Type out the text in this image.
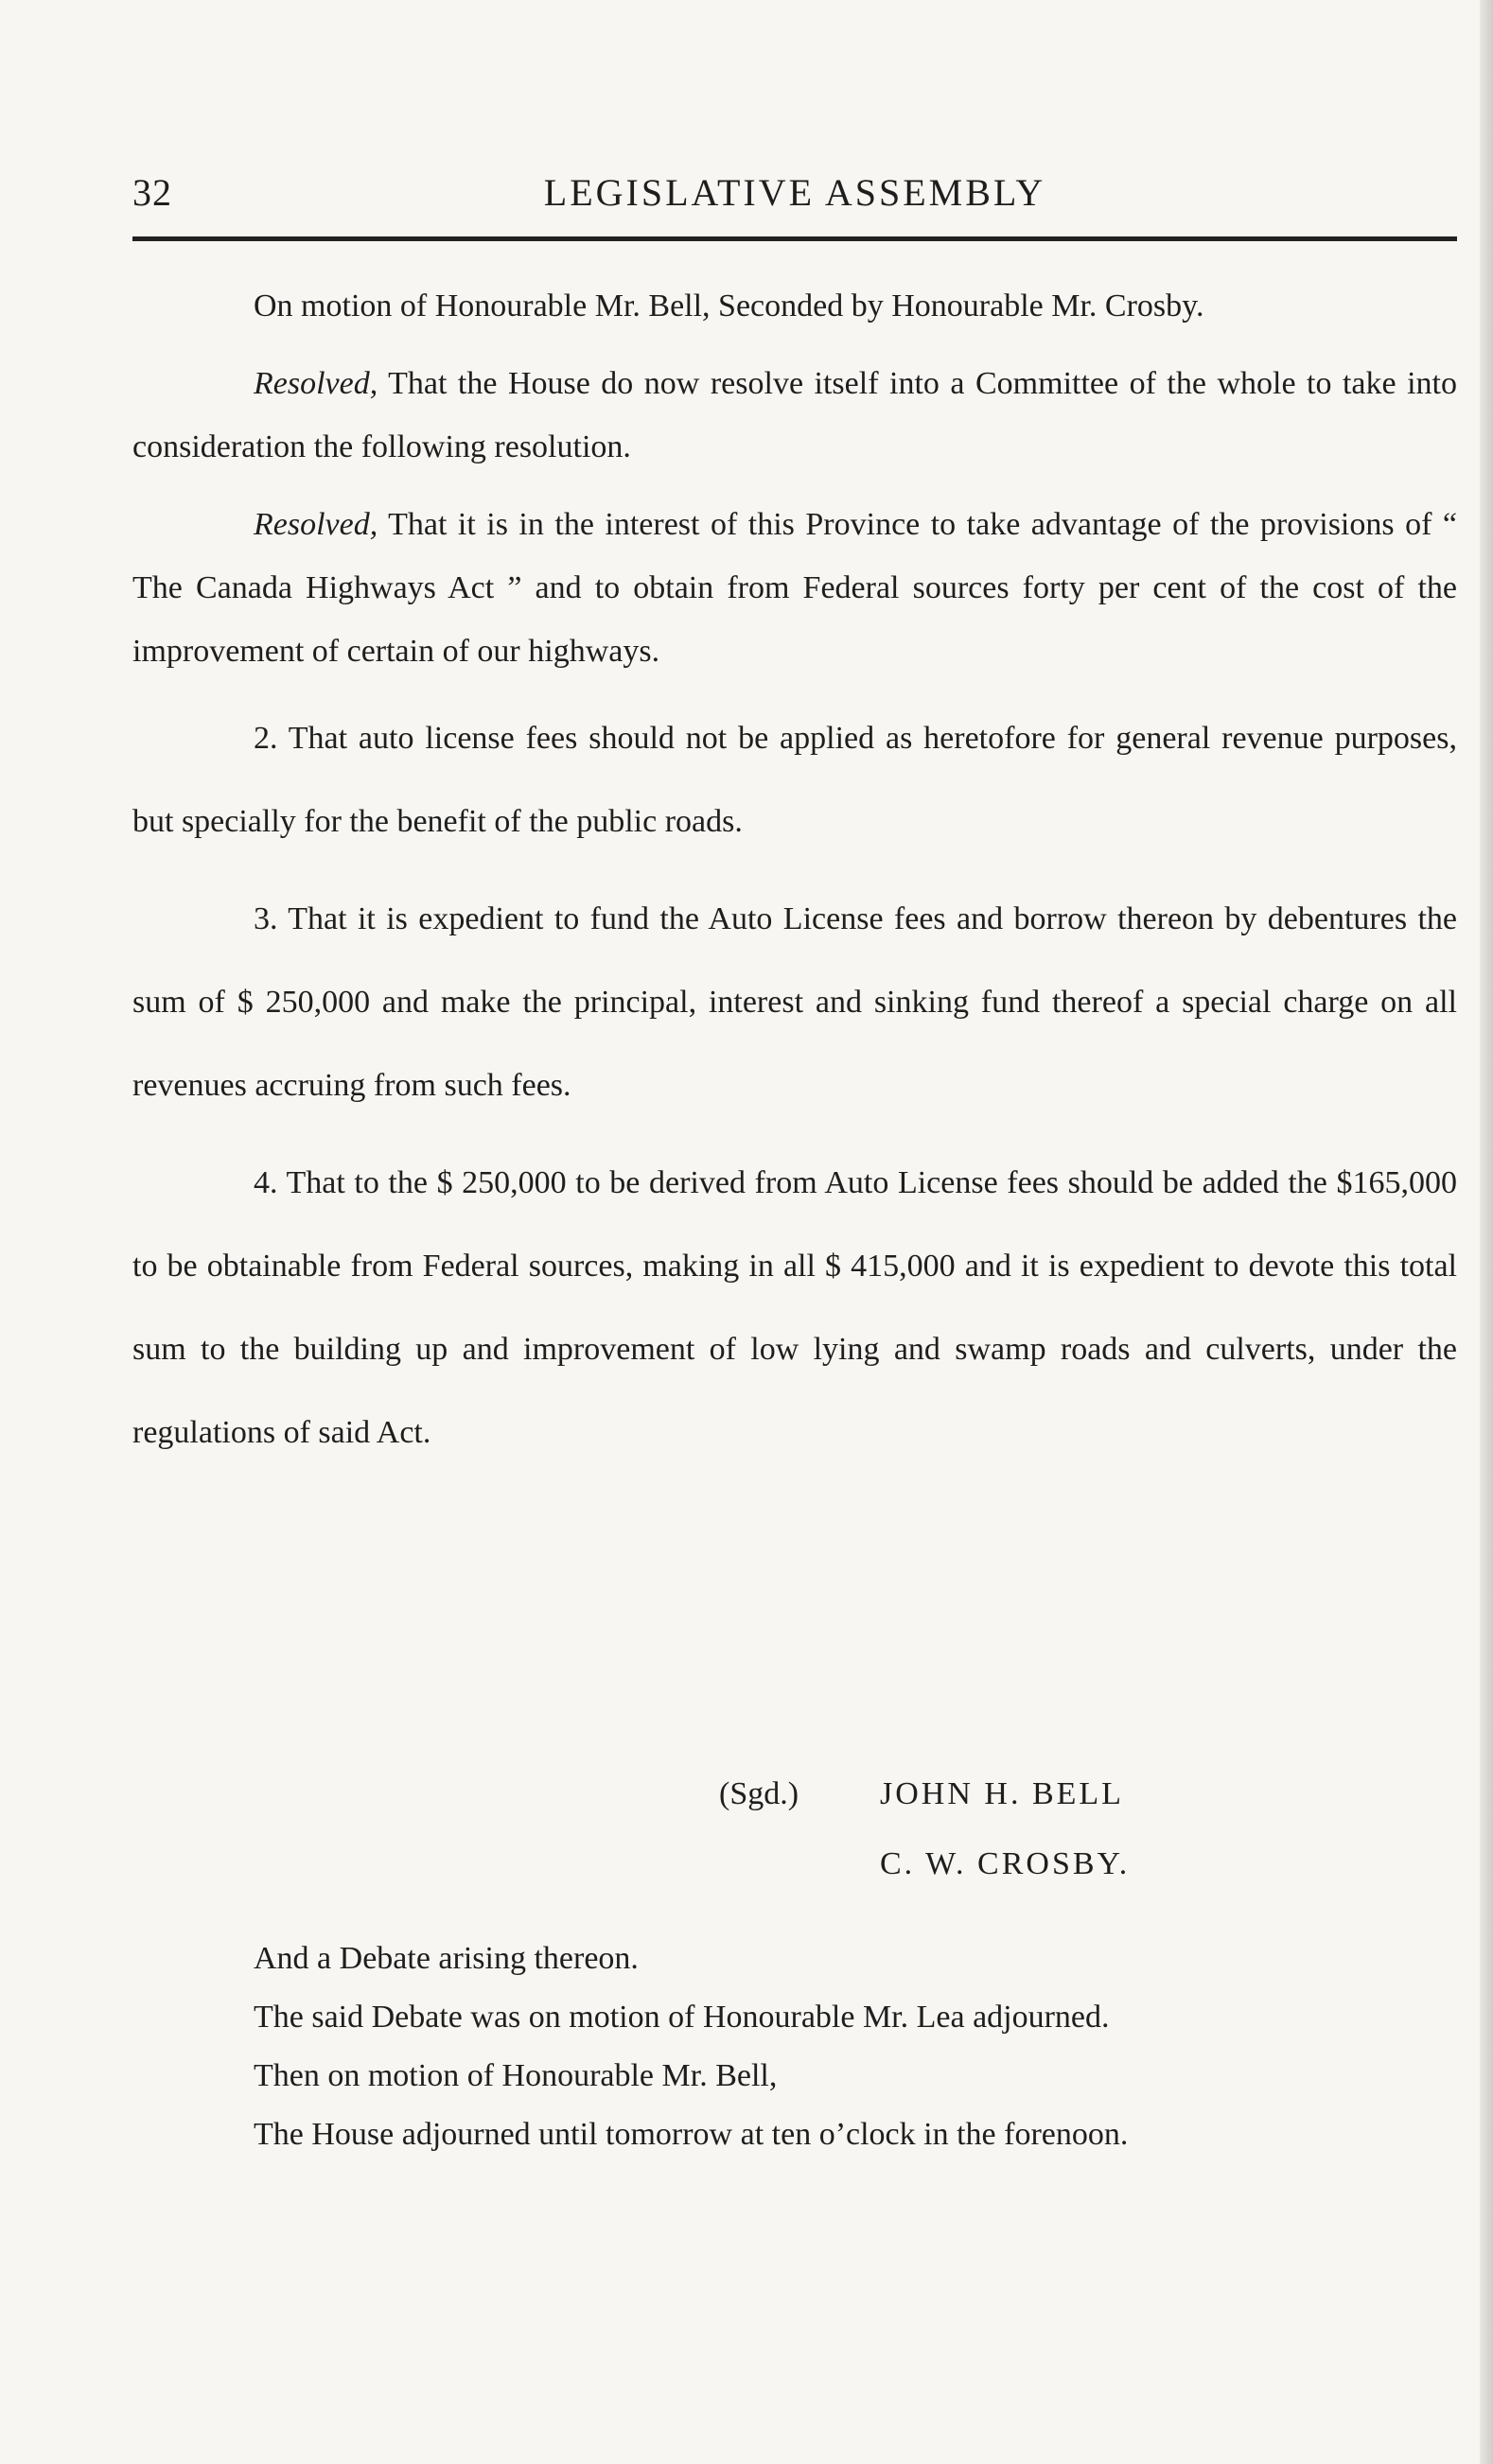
32	LEGISLATIVE ASSEMBLY

On motion of Honourable Mr. Bell, Seconded by Honourable Mr. Crosby.

Resolved, That the House do now resolve itself into a Committee of the whole to take into consideration the following resolution.

Resolved, That it is in the interest of this Province to take advantage of the provisions of “ The Canada Highways Act ” and to obtain from Federal sources forty per cent of the cost of the improvement of certain of our highways.

2. That auto license fees should not be applied as heretofore for general revenue purposes, but specially for the benefit of the public roads.

3. That it is expedient to fund the Auto License fees and borrow thereon by debentures the sum of $ 250,000 and make the principal, interest and sinking fund thereof a special charge on all revenues accruing from such fees.

4. That to the $ 250,000 to be derived from Auto License fees should be added the $165,000 to be obtainable from Federal sources, making in all $ 415,000 and it is expedient to devote this total sum to the building up and improvement of low lying and swamp roads and culverts, under the regulations of said Act.

(Sgd.)	JOHN H. BELL
C. W. CROSBY.

And a Debate arising thereon.

The said Debate was on motion of Honourable Mr. Lea adjourned.

Then on motion of Honourable Mr. Bell,

The House adjourned until tomorrow at ten o’clock in the forenoon.
